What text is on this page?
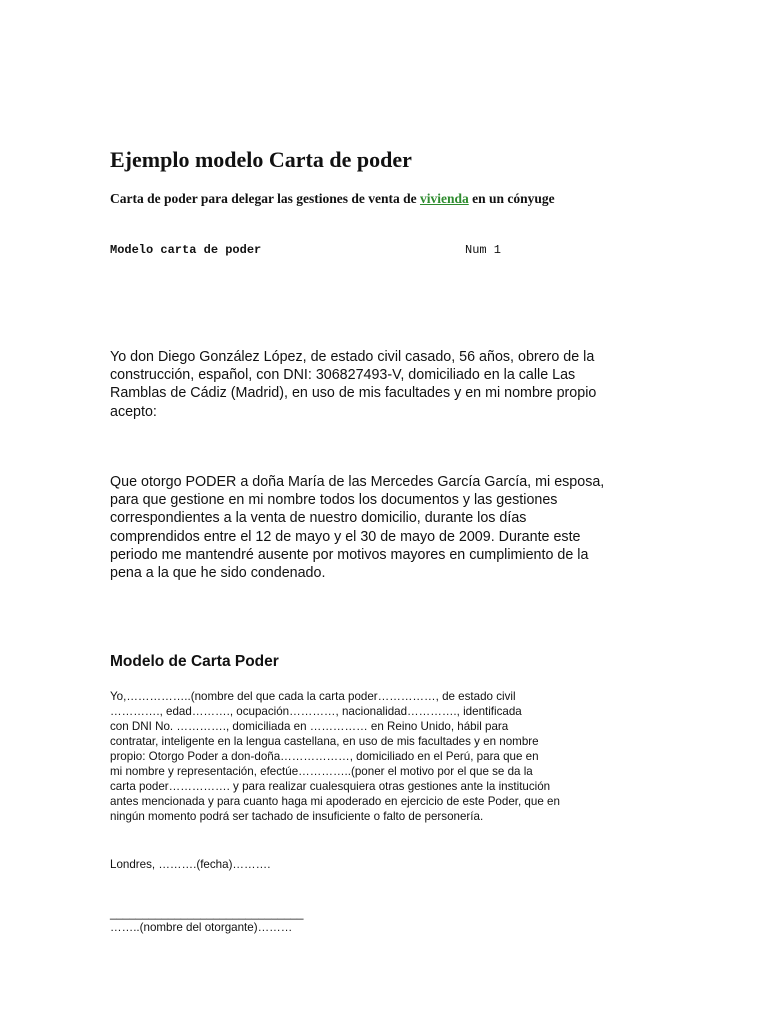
Ejemplo modelo Carta de poder

Carta de poder para delegar las gestiones de venta de vivienda en un cónyuge

Modelo carta de poder	Num 1

Yo don Diego González López, de estado civil casado, 56 años, obrero de la
construcción, español, con DNI: 306827493-V, domiciliado en la calle Las
Ramblas de Cádiz (Madrid), en uso de mis facultades y en mi nombre propio
acepto:

Que otorgo PODER a doña María de las Mercedes García García, mi esposa,
para que gestione en mi nombre todos los documentos y las gestiones
correspondientes a la venta de nuestro domicilio, durante los días
comprendidos entre el 12 de mayo y el 30 de mayo de 2009. Durante este
periodo me mantendré ausente por motivos mayores en cumplimiento de la
pena a la que he sido condenado.

Modelo de Carta Poder

Yo,……………..(nombre del que cada la carta poder……………, de estado civil
…………., edad………., ocupación…………, nacionalidad…………., identificada
con DNI No. …………., domiciliada en …………… en Reino Unido, hábil para
contratar, inteligente en la lengua castellana, en uso de mis facultades y en nombre
propio: Otorgo Poder a don-doña………………, domiciliado en el Perú, para que en
mi nombre y representación, efectúe…………..(poner el motivo por el que se da la
carta poder……………. y para realizar cualesquiera otras gestiones ante la institución
antes mencionada y para cuanto haga mi apoderado en ejercicio de este Poder, que en
ningún momento podrá ser tachado de insuficiente o falto de personería.

Londres, ……….(fecha)……….

______________________________

……..(nombre del otorgante)………
